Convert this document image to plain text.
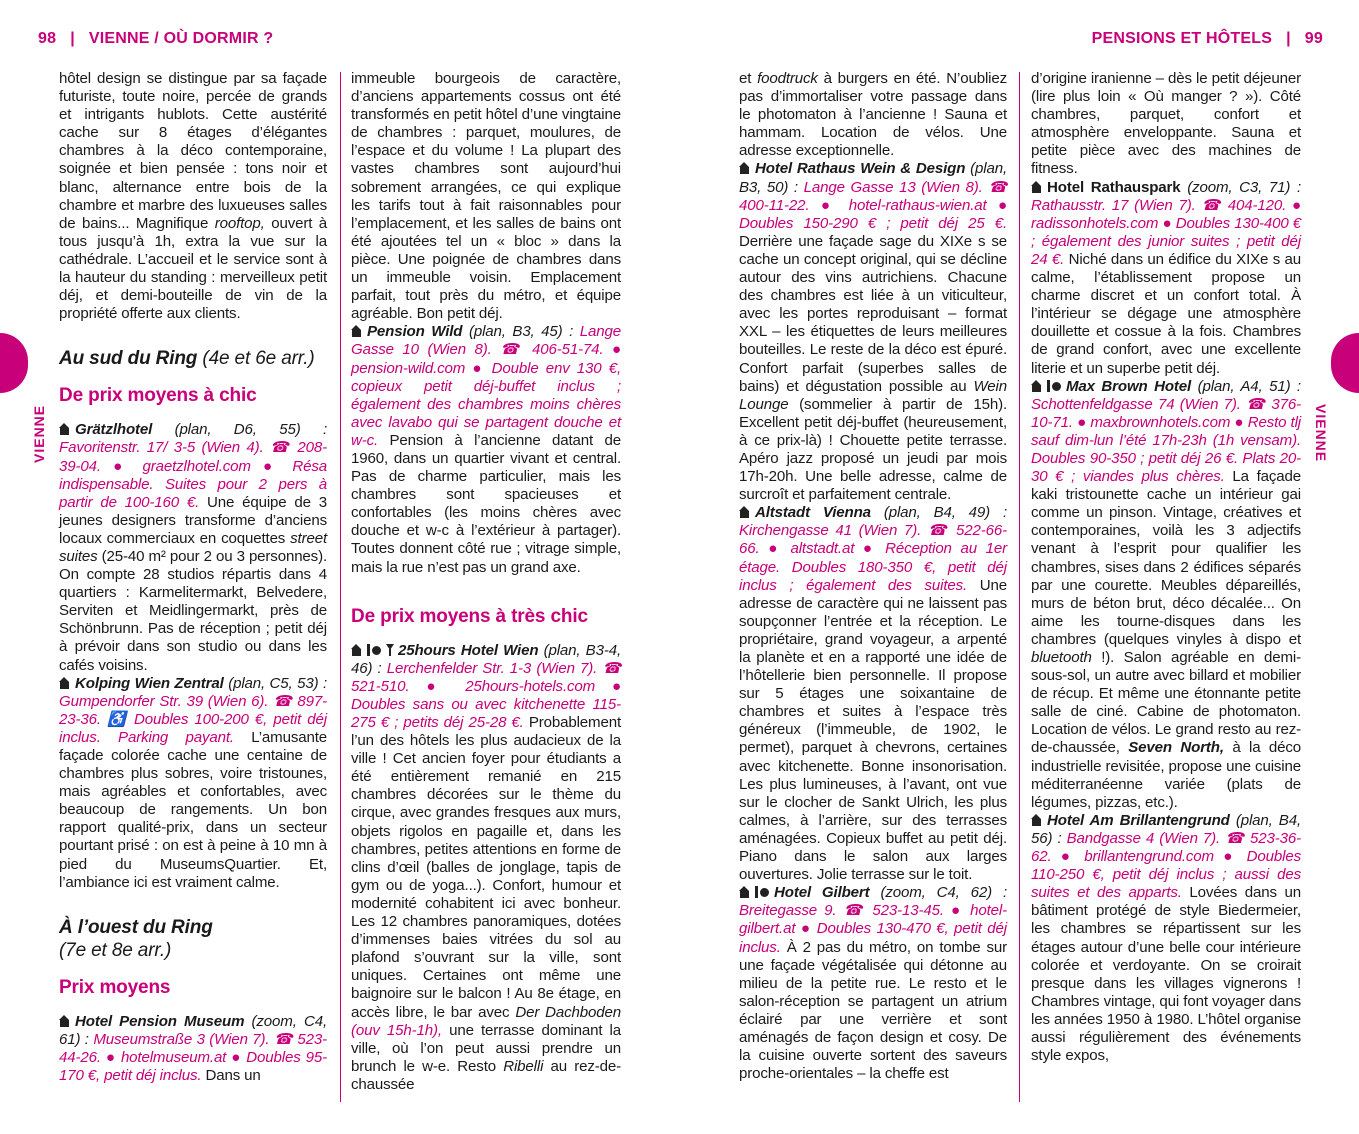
98 | VIENNE / OÙ DORMIR ?	PENSIONS ET HÔTELS | 99
VIENNE	VIENNE

hôtel design se distingue par sa façade futuriste, toute noire, percée de grands et intrigants hublots. Cette austérité cache sur 8 étages d’élégantes chambres à la déco contemporaine, soignée et bien pensée : tons noir et blanc, alternance entre bois de la chambre et marbre des luxueuses salles de bains... Magnifique rooftop, ouvert à tous jusqu’à 1h, extra la vue sur la cathédrale. L’accueil et le service sont à la hauteur du standing : merveilleux petit déj, et demi-bouteille de vin de la propriété offerte aux clients.

Au sud du Ring (4e et 6e arr.)
De prix moyens à chic

Grätzlhotel (plan, D6, 55) : Favoritenstr. 17/ 3-5 (Wien 4). ☎ 208-39-04. ● graetzlhotel.com ● Résa indispensable. Suites pour 2 pers à partir de 100-160 €. Une équipe de 3 jeunes designers transforme d’anciens locaux commerciaux en coquettes street suites (25-40 m² pour 2 ou 3 personnes). On compte 28 studios répartis dans 4 quartiers : Karmelitermarkt, Belvedere, Serviten et Meidlingermarkt, près de Schönbrunn. Pas de réception ; petit déj à prévoir dans son studio ou dans les cafés voisins.

Kolping Wien Zentral (plan, C5, 53) : Gumpendorfer Str. 39 (Wien 6). ☎ 897-23-36. ♿ Doubles 100-200 €, petit déj inclus. Parking payant. L’amusante façade colorée cache une centaine de chambres plus sobres, voire tristounes, mais agréables et confortables, avec beaucoup de rangements. Un bon rapport qualité-prix, dans un secteur pourtant prisé : on est à peine à 10 mn à pied du MuseumsQuartier. Et, l’ambiance ici est vraiment calme.

À l’ouest du Ring
(7e et 8e arr.)
Prix moyens

Hotel Pension Museum (zoom, C4, 61) : Museumstraße 3 (Wien 7). ☎ 523-44-26. ● hotelmuseum.at ● Doubles 95-170 €, petit déj inclus. Dans un

immeuble bourgeois de caractère, d’anciens appartements cossus ont été transformés en petit hôtel d’une vingtaine de chambres : parquet, moulures, de l’espace et du volume ! La plupart des vastes chambres sont aujourd’hui sobrement arrangées, ce qui explique les tarifs tout à fait raisonnables pour l’emplacement, et les salles de bains ont été ajoutées tel un « bloc » dans la pièce. Une poignée de chambres dans un immeuble voisin. Emplacement parfait, tout près du métro, et équipe agréable. Bon petit déj.

Pension Wild (plan, B3, 45) : Lange Gasse 10 (Wien 8). ☎ 406-51-74. ● pension-wild.com ● Double env 130 €, copieux petit déj-buffet inclus ; également des chambres moins chères avec lavabo qui se partagent douche et w-c. Pension à l’ancienne datant de 1960, dans un quartier vivant et central. Pas de charme particulier, mais les chambres sont spacieuses et confortables (les moins chères avec douche et w-c à l’extérieur à partager). Toutes donnent côté rue ; vitrage simple, mais la rue n’est pas un grand axe.

De prix moyens à très chic

25hours Hotel Wien (plan, B3-4, 46) : Lerchenfelder Str. 1-3 (Wien 7). ☎ 521-510. ● 25hours-hotels.com ● Doubles sans ou avec kitchenette 115-275 € ; petits déj 25-28 €. Probablement l’un des hôtels les plus audacieux de la ville ! Cet ancien foyer pour étudiants a été entièrement remanié en 215 chambres décorées sur le thème du cirque, avec grandes fresques aux murs, objets rigolos en pagaille et, dans les chambres, petites attentions en forme de clins d’œil (balles de jonglage, tapis de gym ou de yoga...). Confort, humour et modernité cohabitent ici avec bonheur. Les 12 chambres panoramiques, dotées d’immenses baies vitrées du sol au plafond s’ouvrant sur la ville, sont uniques. Certaines ont même une baignoire sur le balcon ! Au 8e étage, en accès libre, le bar avec Der Dachboden (ouv 15h-1h), une terrasse dominant la ville, où l’on peut aussi prendre un brunch le w-e. Resto Ribelli au rez-de-chaussée

et foodtruck à burgers en été. N’oubliez pas d’immortaliser votre passage dans le photomaton à l’ancienne ! Sauna et hammam. Location de vélos. Une adresse exceptionnelle.

Hotel Rathaus Wein & Design (plan, B3, 50) : Lange Gasse 13 (Wien 8). ☎ 400-11-22. ● hotel-rathaus-wien.at ● Doubles 150-290 € ; petit déj 25 €. Derrière une façade sage du XIXe s se cache un concept original, qui se décline autour des vins autrichiens. Chacune des chambres est liée à un viticulteur, avec les portes reproduisant – format XXL – les étiquettes de leurs meilleures bouteilles. Le reste de la déco est épuré. Confort parfait (superbes salles de bains) et dégustation possible au Wein Lounge (sommelier à partir de 15h). Excellent petit déj-buffet (heureusement, à ce prix-là) ! Chouette petite terrasse. Apéro jazz proposé un jeudi par mois 17h-20h. Une belle adresse, calme de surcroît et parfaitement centrale.

Altstadt Vienna (plan, B4, 49) : Kirchengasse 41 (Wien 7). ☎ 522-66-66. ● altstadt.at ● Réception au 1er étage. Doubles 180-350 €, petit déj inclus ; également des suites. Une adresse de caractère qui ne laissent pas soupçonner l’entrée et la réception. Le propriétaire, grand voyageur, a arpenté la planète et en a rapporté une idée de l’hôtellerie bien personnelle. Il propose sur 5 étages une soixantaine de chambres et suites à l’espace très généreux (l’immeuble, de 1902, le permet), parquet à chevrons, certaines avec kitchenette. Bonne insonorisation. Les plus lumineuses, à l’avant, ont vue sur le clocher de Sankt Ulrich, les plus calmes, à l’arrière, sur des terrasses aménagées. Copieux buffet au petit déj. Piano dans le salon aux larges ouvertures. Jolie terrasse sur le toit.

Hotel Gilbert (zoom, C4, 62) : Breitegasse 9. ☎ 523-13-45. ● hotel-gilbert.at ● Doubles 130-470 €, petit déj inclus. À 2 pas du métro, on tombe sur une façade végétalisée qui détonne au milieu de la petite rue. Le resto et le salon-réception se partagent un atrium éclairé par une verrière et sont aménagés de façon design et cosy. De la cuisine ouverte sortent des saveurs proche-orientales – la cheffe est

d’origine iranienne – dès le petit déjeuner (lire plus loin « Où manger ? »). Côté chambres, parquet, confort et atmosphère enveloppante. Sauna et petite pièce avec des machines de fitness.

Hotel Rathauspark (zoom, C3, 71) : Rathausstr. 17 (Wien 7). ☎ 404-120. ● radissonhotels.com ● Doubles 130-400 € ; également des junior suites ; petit déj 24 €. Niché dans un édifice du XIXe s au calme, l’établissement propose un charme discret et un confort total. À l’intérieur se dégage une atmosphère douillette et cossue à la fois. Chambres de grand confort, avec une excellente literie et un superbe petit déj.

Max Brown Hotel (plan, A4, 51) : Schottenfeldgasse 74 (Wien 7). ☎ 376-10-71. ● maxbrownhotels.com ● Resto tlj sauf dim-lun l’été 17h-23h (1h vensam). Doubles 90-350 ; petit déj 26 €. Plats 20-30 € ; viandes plus chères. La façade kaki tristounette cache un intérieur gai comme un pinson. Vintage, créatives et contemporaines, voilà les 3 adjectifs venant à l’esprit pour qualifier les chambres, sises dans 2 édifices séparés par une courette. Meubles dépareillés, murs de béton brut, déco décalée... On aime les tourne-disques dans les chambres (quelques vinyles à dispo et bluetooth !). Salon agréable en demi-sous-sol, un autre avec billard et mobilier de récup. Et même une étonnante petite salle de ciné. Cabine de photomaton. Location de vélos. Le grand resto au rez-de-chaussée, Seven North, à la déco industrielle revisitée, propose une cuisine méditerranéenne variée (plats de légumes, pizzas, etc.).

Hotel Am Brillantengrund (plan, B4, 56) : Bandgasse 4 (Wien 7). ☎ 523-36-62. ● brillantengrund.com ● Doubles 110-250 €, petit déj inclus ; aussi des suites et des apparts. Lovées dans un bâtiment protégé de style Biedermeier, les chambres se répartissent sur les étages autour d’une belle cour intérieure colorée et verdoyante. On se croirait presque dans les villages vignerons ! Chambres vintage, qui font voyager dans les années 1950 à 1980. L’hôtel organise aussi régulièrement des événements style expos,
